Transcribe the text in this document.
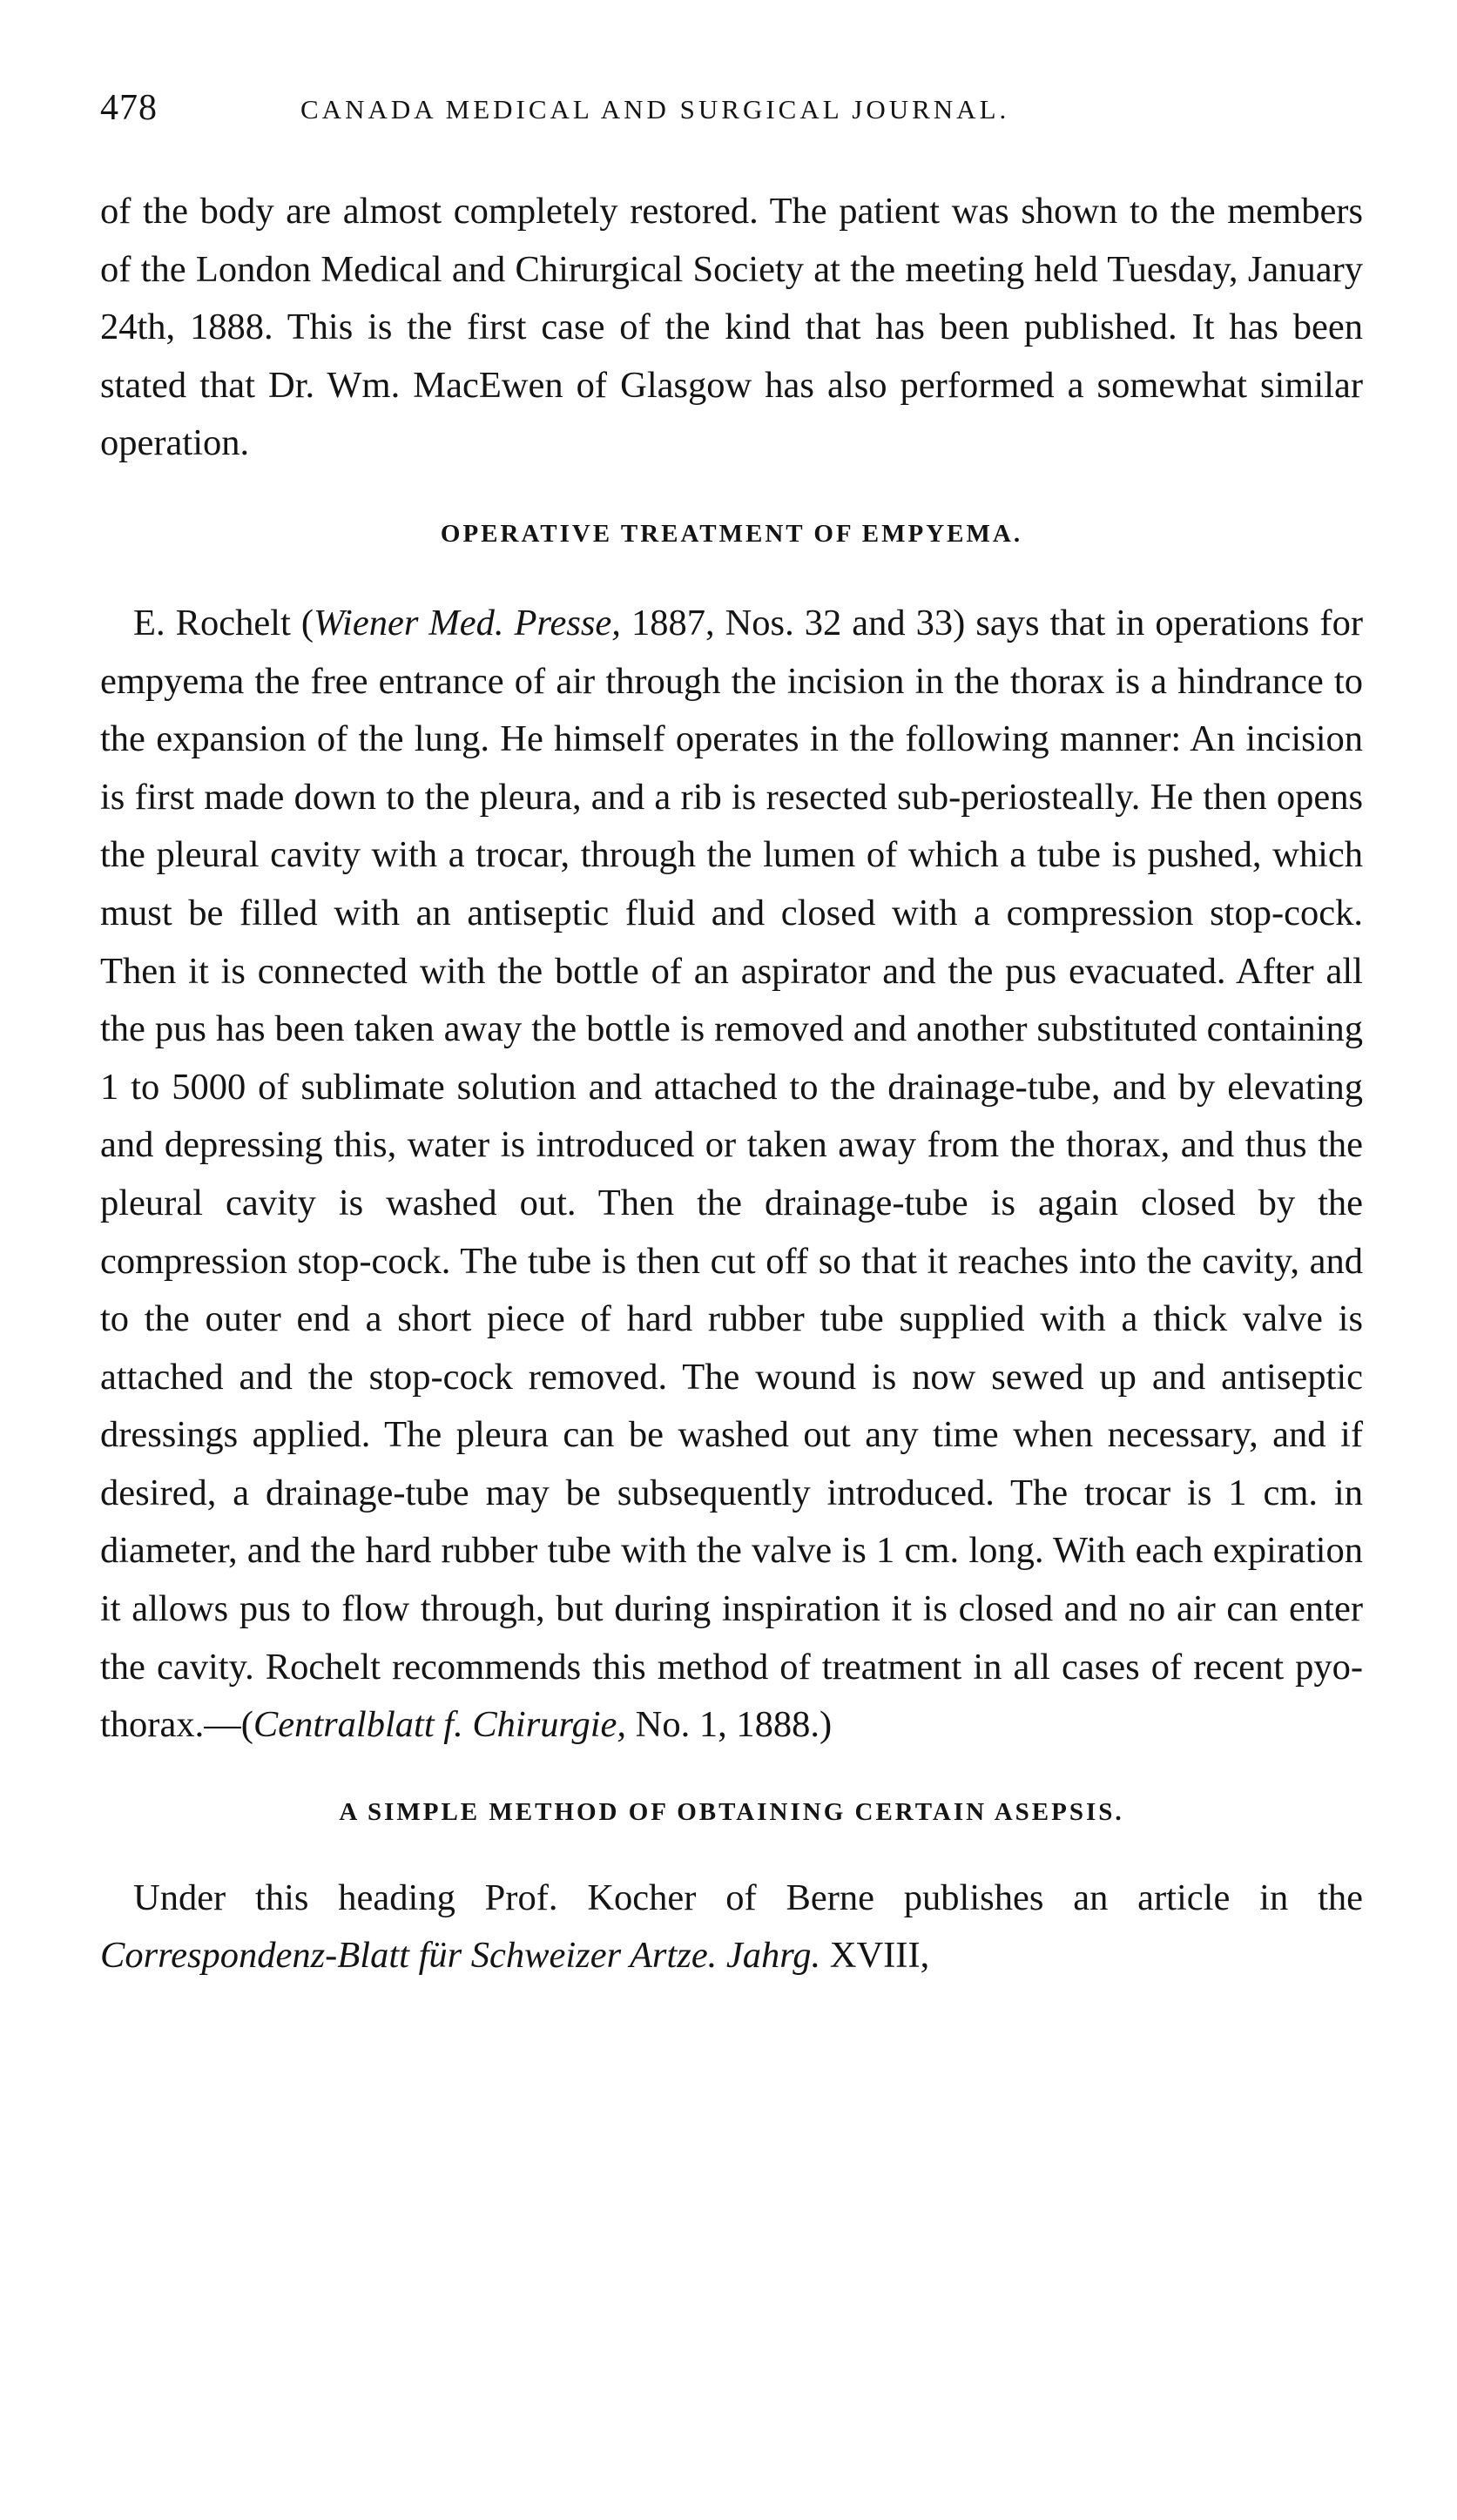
478	CANADA MEDICAL AND SURGICAL JOURNAL.

of the body are almost completely restored. The patient was shown to the members of the London Medical and Chirurgical Society at the meeting held Tuesday, January 24th, 1888. This is the first case of the kind that has been published. It has been stated that Dr. Wm. MacEwen of Glasgow has also performed a somewhat similar operation.

OPERATIVE TREATMENT OF EMPYEMA.

E. Rochelt (Wiener Med. Presse, 1887, Nos. 32 and 33) says that in operations for empyema the free entrance of air through the incision in the thorax is a hindrance to the expansion of the lung. He himself operates in the following manner: An incision is first made down to the pleura, and a rib is resected sub-periosteally. He then opens the pleural cavity with a trocar, through the lumen of which a tube is pushed, which must be filled with an antiseptic fluid and closed with a compression stop-cock. Then it is connected with the bottle of an aspirator and the pus evacuated. After all the pus has been taken away the bottle is removed and another substituted containing 1 to 5000 of sublimate solution and attached to the drainage-tube, and by elevating and depressing this, water is introduced or taken away from the thorax, and thus the pleural cavity is washed out. Then the drainage-tube is again closed by the compression stop-cock. The tube is then cut off so that it reaches into the cavity, and to the outer end a short piece of hard rubber tube supplied with a thick valve is attached and the stop-cock removed. The wound is now sewed up and antiseptic dressings applied. The pleura can be washed out any time when necessary, and if desired, a drainage-tube may be subsequently introduced. The trocar is 1 cm. in diameter, and the hard rubber tube with the valve is 1 cm. long. With each expiration it allows pus to flow through, but during inspiration it is closed and no air can enter the cavity. Rochelt recommends this method of treatment in all cases of recent pyo-thorax.—(Centralblatt f. Chirurgie, No. 1, 1888.)

A SIMPLE METHOD OF OBTAINING CERTAIN ASEPSIS.

Under this heading Prof. Kocher of Berne publishes an article in the Correspondenz-Blatt für Schweizer Artze. Jahrg. XVIII,
